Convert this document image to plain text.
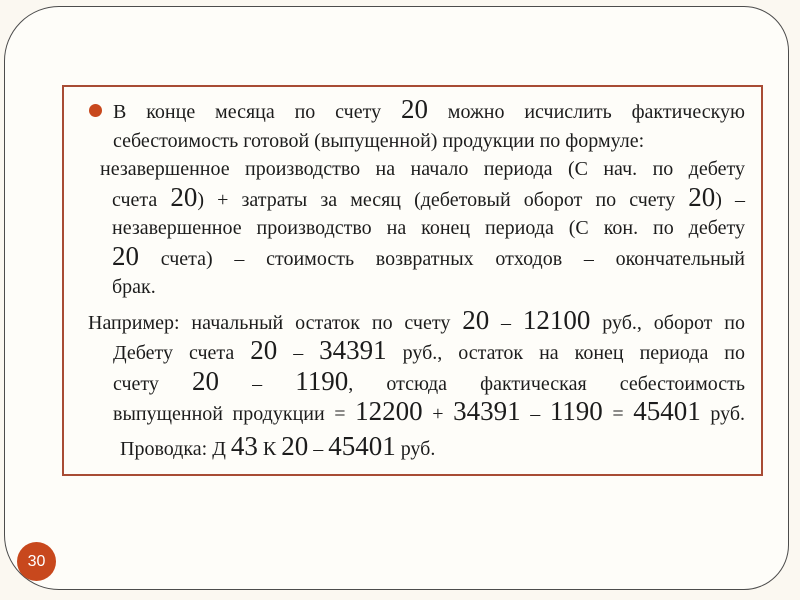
В конце месяца по счету 20 можно исчислить фактическую
себестоимость готовой (выпущенной) продукции по формуле:
незавершенное производство на начало периода (С нач. по дебету
счета 20) + затраты за месяц (дебетовый оборот по счету 20) –
незавершенное производство на конец периода (С кон. по дебету
20 счета) – стоимость возвратных отходов – окончательный
брак.
Например: начальный остаток по счету 20 – 12100 руб., оборот по
Дебету счета 20 – 34391 руб., остаток на конец периода по
счету 20 – 1190, отсюда фактическая себестоимость
выпущенной продукции = 12200 + 34391 – 1190 = 45401 руб.
Проводка: Д 43 К 20 – 45401 руб.
30
